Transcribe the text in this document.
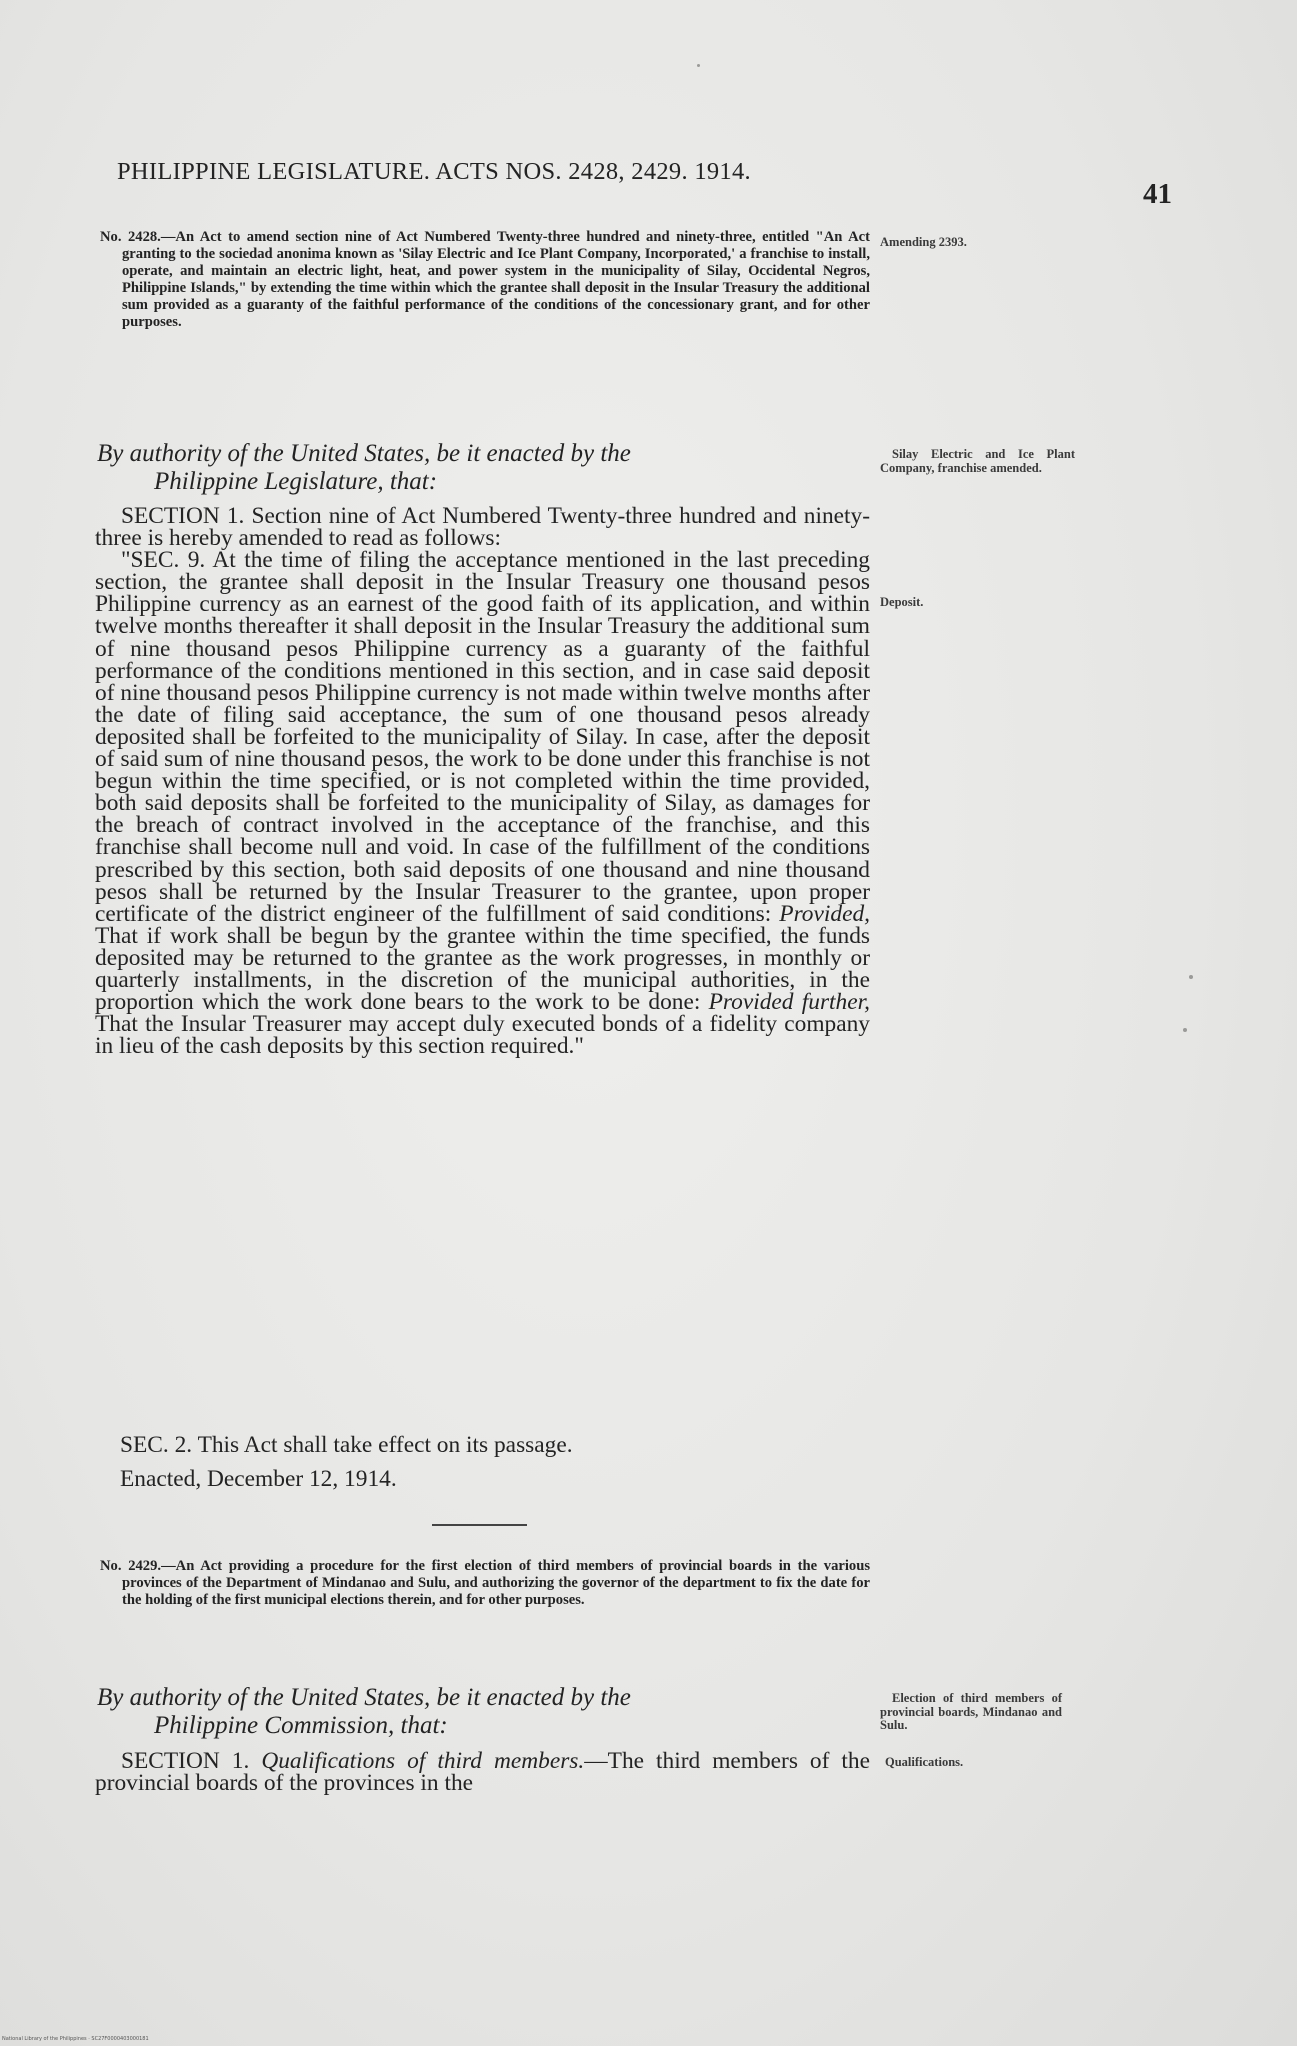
PHILIPPINE LEGISLATURE. ACTS NOS. 2428, 2429. 1914.
41
No. 2428.—An Act to amend section nine of Act Numbered Twenty-three hundred and ninety-three, entitled "An Act granting to the sociedad anonima known as 'Silay Electric and Ice Plant Company, Incorporated,' a franchise to install, operate, and maintain an electric light, heat, and power system in the municipality of Silay, Occidental Negros, Philippine Islands," by extending the time within which the grantee shall deposit in the Insular Treasury the additional sum provided as a guaranty of the faithful performance of the conditions of the concessionary grant, and for other purposes.
By authority of the United States, be it enacted by the
Philippine Legislature, that:

SECTION 1. Section nine of Act Numbered Twenty-three hundred and ninety-three is hereby amended to read as follows:

"SEC. 9. At the time of filing the acceptance mentioned in the last preceding section, the grantee shall deposit in the Insular Treasury one thousand pesos Philippine currency as an earnest of the good faith of its application, and within twelve months thereafter it shall deposit in the Insular Treasury the additional sum of nine thousand pesos Philippine currency as a guaranty of the faithful performance of the conditions mentioned in this section, and in case said deposit of nine thousand pesos Philippine currency is not made within twelve months after the date of filing said acceptance, the sum of one thousand pesos already deposited shall be forfeited to the municipality of Silay. In case, after the deposit of said sum of nine thousand pesos, the work to be done under this franchise is not begun within the time specified, or is not completed within the time provided, both said deposits shall be forfeited to the municipality of Silay, as damages for the breach of contract involved in the acceptance of the franchise, and this franchise shall become null and void. In case of the fulfillment of the conditions prescribed by this section, both said deposits of one thousand and nine thousand pesos shall be returned by the Insular Treasurer to the grantee, upon proper certificate of the district engineer of the fulfillment of said conditions: Provided, That if work shall be begun by the grantee within the time specified, the funds deposited may be returned to the grantee as the work progresses, in monthly or quarterly installments, in the discretion of the municipal authorities, in the proportion which the work done bears to the work to be done: Provided further, That the Insular Treasurer may accept duly executed bonds of a fidelity company in lieu of the cash deposits by this section required."

SEC. 2. This Act shall take effect on its passage.
Enacted, December 12, 1914.
No. 2429.—An Act providing a procedure for the first election of third members of provincial boards in the various provinces of the Department of Mindanao and Sulu, and authorizing the governor of the department to fix the date for the holding of the first municipal elections therein, and for other purposes.
By authority of the United States, be it enacted by the
Philippine Commission, that:

SECTION 1. Qualifications of third members.—The third members of the provincial boards of the provinces in the

Amending 2393.
Silay Electric and Ice Plant Company, franchise amended.
Deposit.
Election of third members of provincial boards, Mindanao and Sulu.
Qualifications.
National Library of the Philippines · SC27F0000403000181
